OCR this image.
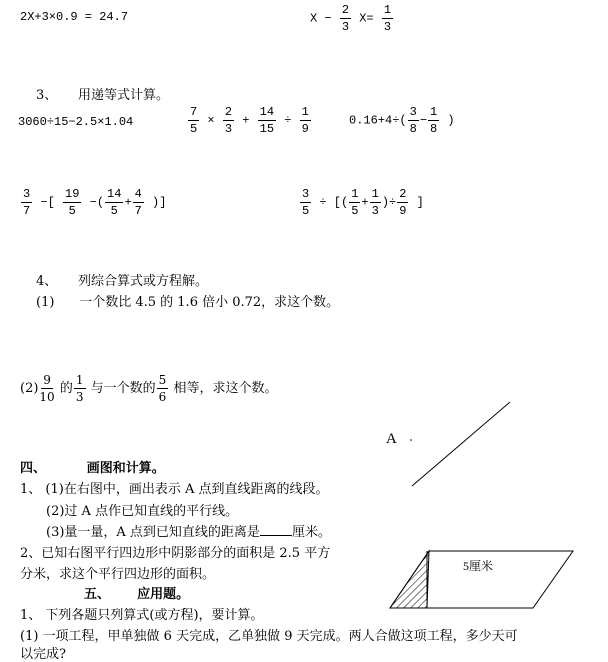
2X+3×0.9 = 24.7	$X - \frac{2}{3} X= \frac{1}{3}$
3、 用递等式计算。
3060÷15−2.5×1.04	$\frac{7}{5} \times \frac{2}{3} + \frac{14}{15} \div \frac{1}{9}$	$0.16+4\div( \frac{3}{8} - \frac{1}{8}$ )
$\frac{3}{7}$ −[ $\frac{19}{5}$ −( $\frac{14}{5} + \frac{4}{7}$ )]	$\frac{3}{5}$ ÷ [( $\frac{1}{5} + \frac{1}{3}$ )÷ $\frac{2}{9}$ ]
4、 列综合算式或方程解。
(1) 一个数比 4.5 的 1.6 倍小 0.72，求这个数。
$(2) \frac{9}{10}$ 的 $\frac{1}{3}$ 与一个数的 $\frac{5}{6}$ 相等，求这个数。
四、	画图和计算。
1、 (1)在右图中，画出表示 A 点到直线距离的线段。
(2)过 A 点作已知直线的平行线。
(3)量一量，A 点到已知直线的距离是 厘米。
2、已知右图平行四边形中阴影部分的面积是 2.5 平方
分米，求这个平行四边形的面积。
五、 应用题。
1、 下列各题只列算式(或方程)，要计算。
(1) 一项工程，甲单独做 6 天完成，乙单独做 9 天完成。两人合做这项工程，多少天可
以完成?
A
5厘米
